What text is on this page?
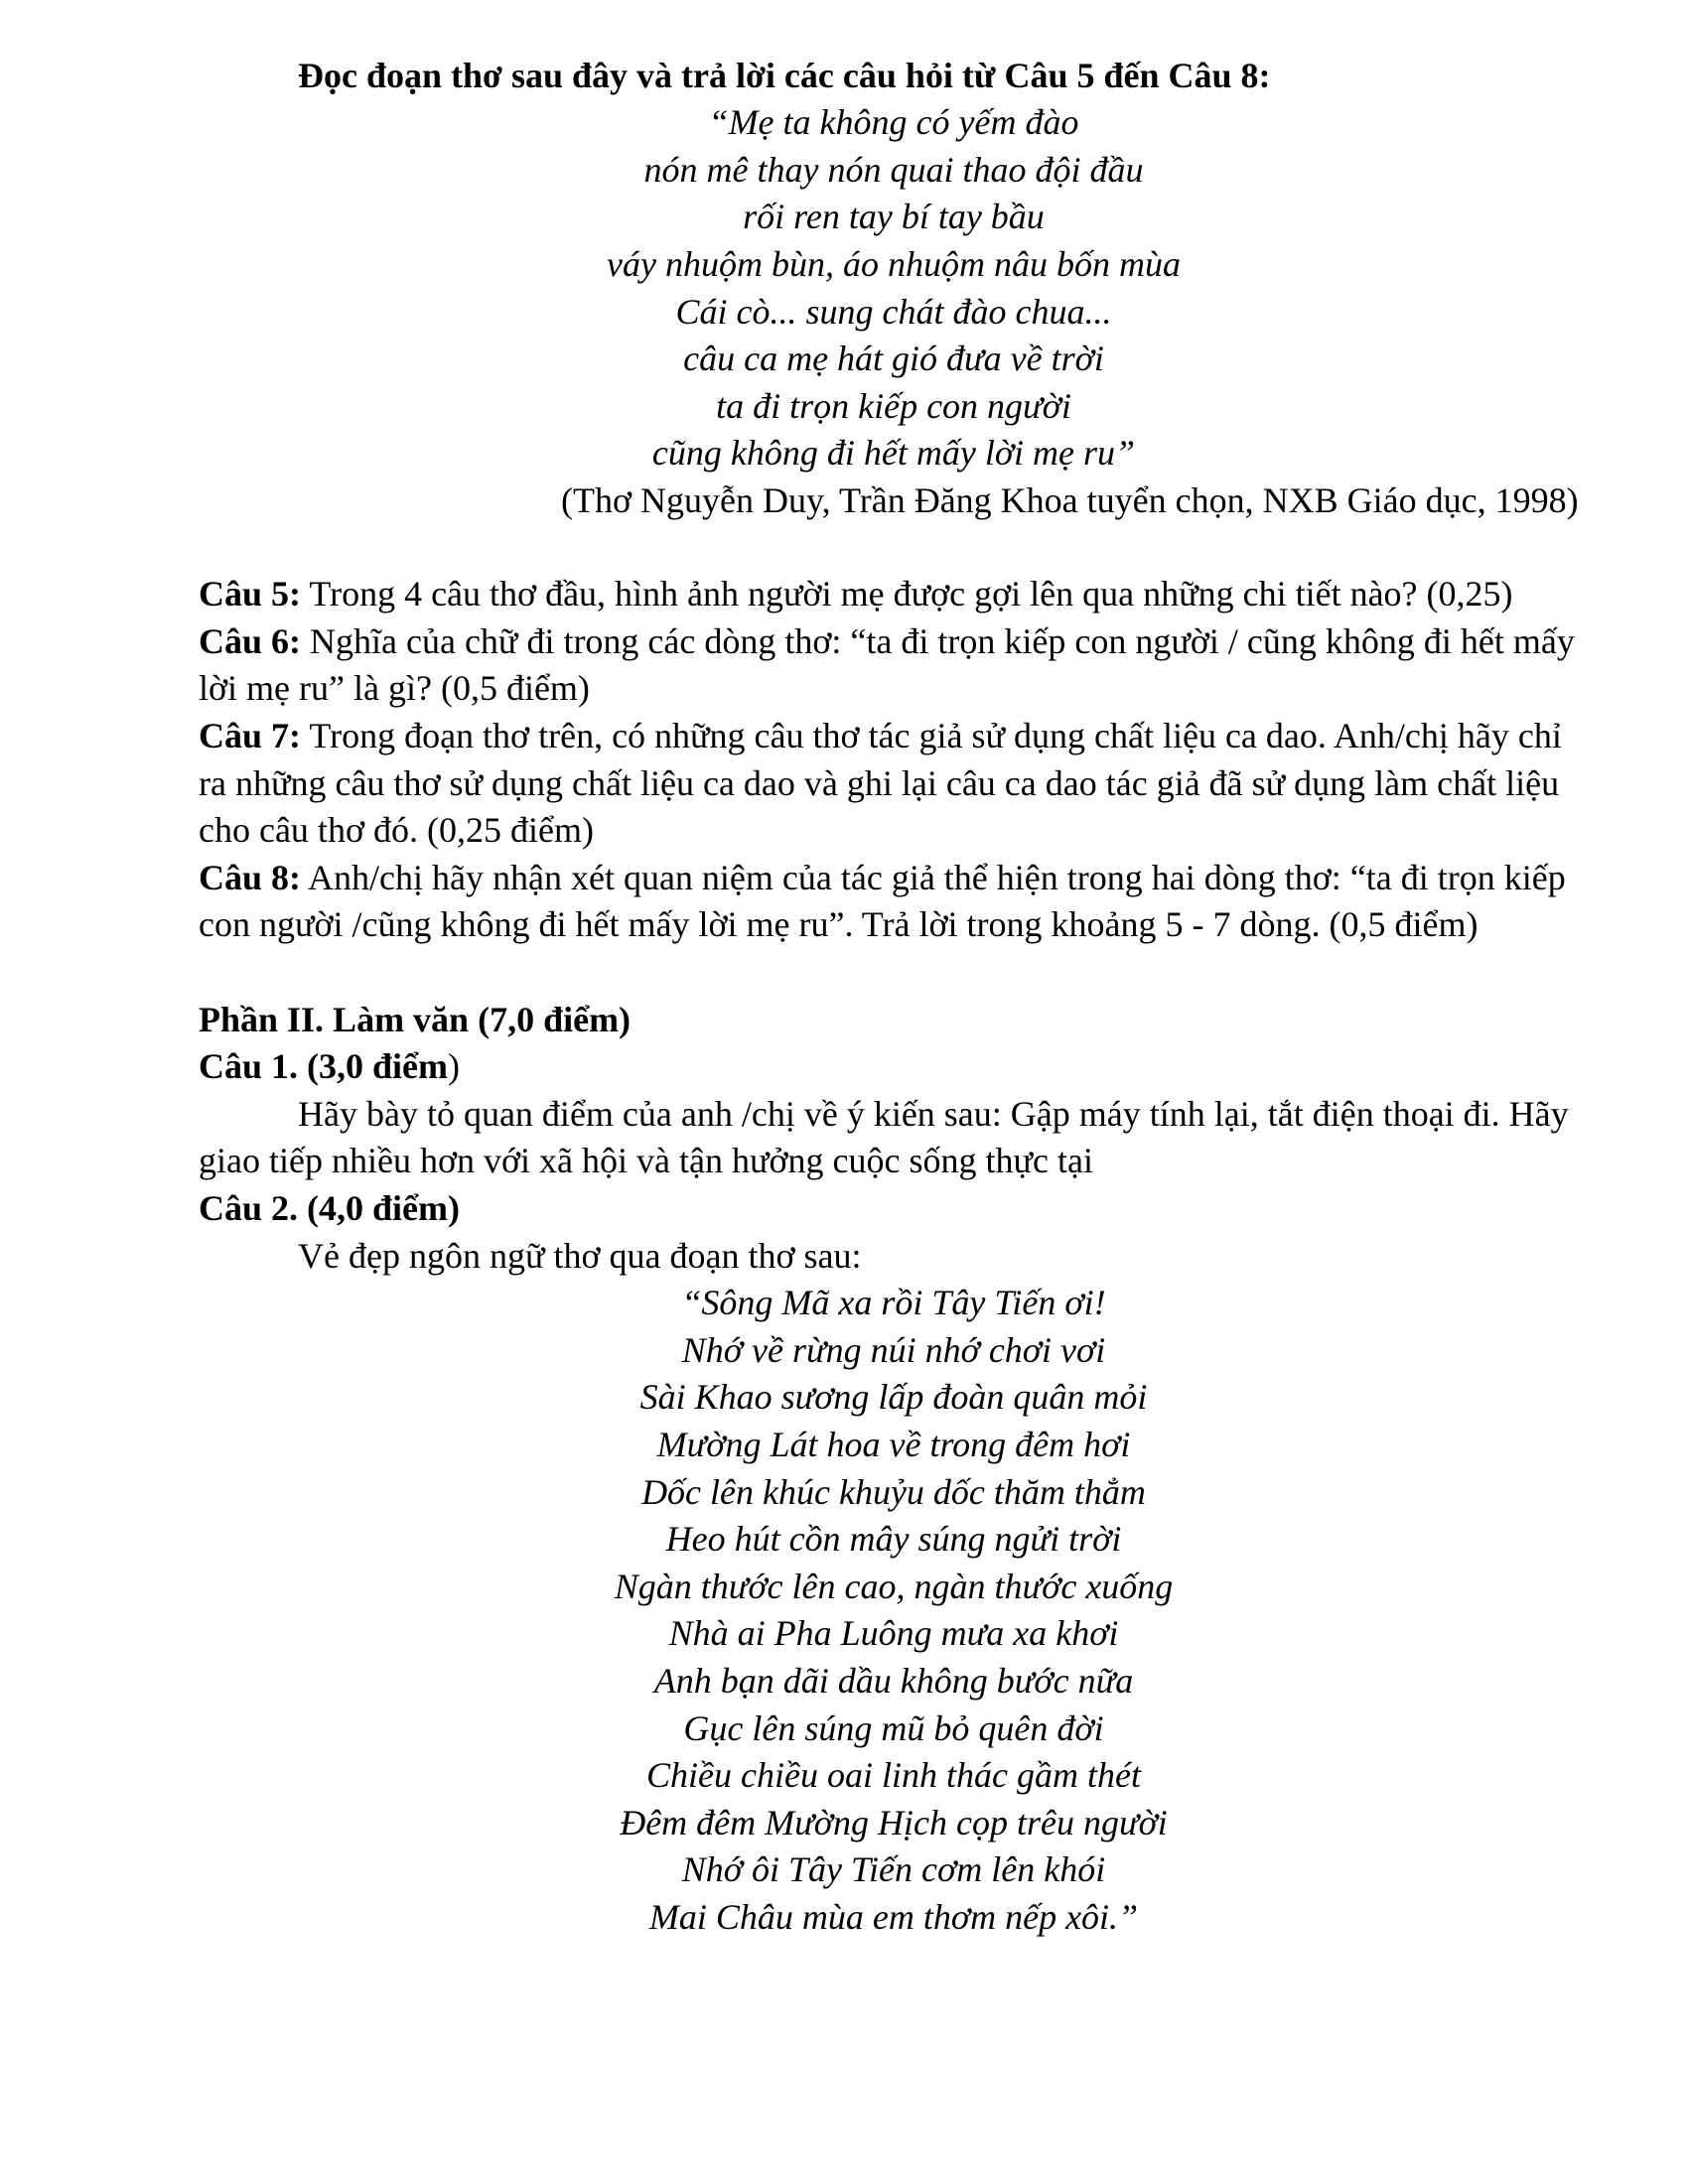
Đọc đoạn thơ sau đây và trả lời các câu hỏi từ Câu 5 đến Câu 8:
“Mẹ ta không có yếm đào
nón mê thay nón quai thao đội đầu
rối ren tay bí tay bầu
váy nhuộm bùn, áo nhuộm nâu bốn mùa
Cái cò... sung chát đào chua...
câu ca mẹ hát gió đưa về trời
ta đi trọn kiếp con người
cũng không đi hết mấy lời mẹ ru”
(Thơ Nguyễn Duy, Trần Đăng Khoa tuyển chọn, NXB Giáo dục, 1998)
Câu 5: Trong 4 câu thơ đầu, hình ảnh người mẹ được gợi lên qua những chi tiết nào? (0,25)
Câu 6: Nghĩa của chữ đi trong các dòng thơ: “ta đi trọn kiếp con người / cũng không đi hết mấy
lời mẹ ru” là gì? (0,5 điểm)
Câu 7: Trong đoạn thơ trên, có những câu thơ tác giả sử dụng chất liệu ca dao. Anh/chị hãy chỉ
ra những câu thơ sử dụng chất liệu ca dao và ghi lại câu ca dao tác giả đã sử dụng làm chất liệu
cho câu thơ đó. (0,25 điểm)
Câu 8: Anh/chị hãy nhận xét quan niệm của tác giả thể hiện trong hai dòng thơ: “ta đi trọn kiếp
con người /cũng không đi hết mấy lời mẹ ru”. Trả lời trong khoảng 5 - 7 dòng. (0,5 điểm)
Phần II. Làm văn (7,0 điểm)
Câu 1. (3,0 điểm)
Hãy bày tỏ quan điểm của anh /chị về ý kiến sau: Gập máy tính lại, tắt điện thoại đi. Hãy
giao tiếp nhiều hơn với xã hội và tận hưởng cuộc sống thực tại
Câu 2. (4,0 điểm)
Vẻ đẹp ngôn ngữ thơ qua đoạn thơ sau:
“Sông Mã xa rồi Tây Tiến ơi!
Nhớ về rừng núi nhớ chơi vơi
Sài Khao sương lấp đoàn quân mỏi
Mường Lát hoa về trong đêm hơi
Dốc lên khúc khuỷu dốc thăm thẳm
Heo hút cồn mây súng ngửi trời
Ngàn thước lên cao, ngàn thước xuống
Nhà ai Pha Luông mưa xa khơi
Anh bạn dãi dầu không bước nữa
Gục lên súng mũ bỏ quên đời
Chiều chiều oai linh thác gầm thét
Đêm đêm Mường Hịch cọp trêu người
Nhớ ôi Tây Tiến cơm lên khói
Mai Châu mùa em thơm nếp xôi.”
